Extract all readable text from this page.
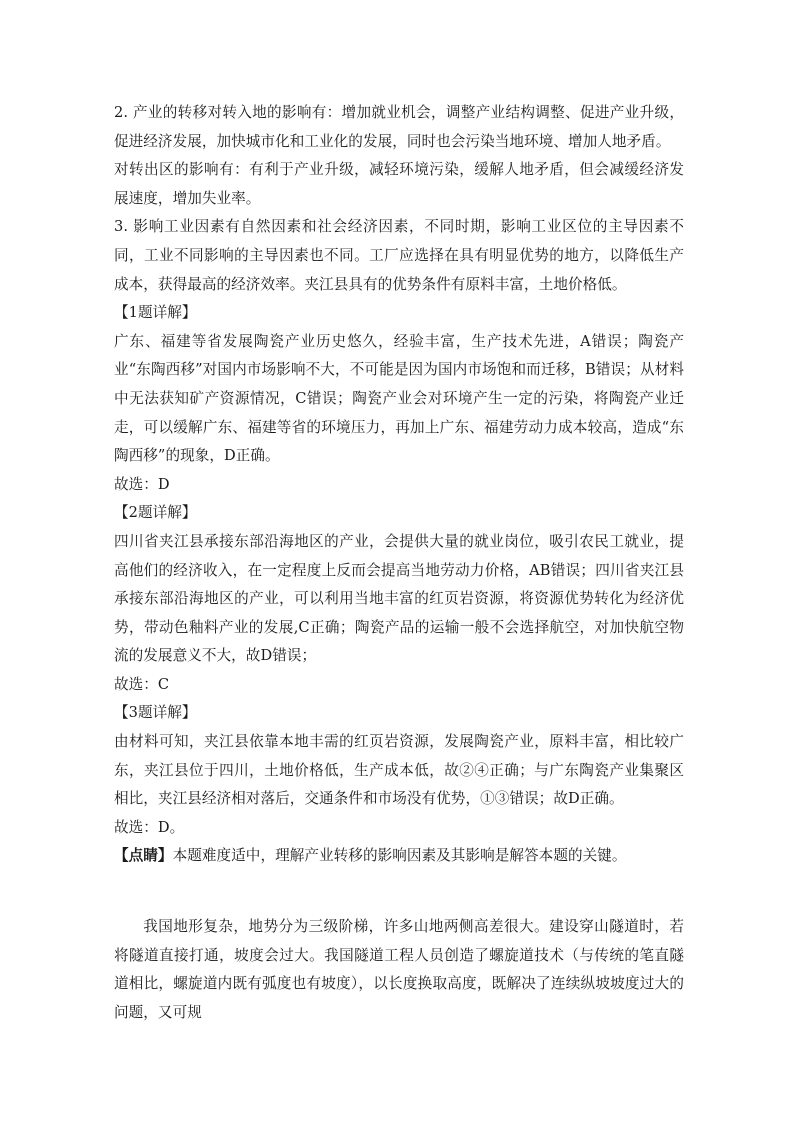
2. 产业的转移对转入地的影响有：增加就业机会，调整产业结构调整、促进产业升级，促进经济发展，加快城市化和工业化的发展，同时也会污染当地环境、增加人地矛盾。

对转出区的影响有：有利于产业升级，减轻环境污染，缓解人地矛盾，但会减缓经济发展速度，增加失业率。

3. 影响工业因素有自然因素和社会经济因素，不同时期，影响工业区位的主导因素不同，工业不同影响的主导因素也不同。工厂应选择在具有明显优势的地方，以降低生产成本，获得最高的经济效率。夹江县具有的优势条件有原料丰富，土地价格低。

【1题详解】

广东、福建等省发展陶瓷产业历史悠久，经验丰富，生产技术先进，A错误；陶瓷产业“东陶西移”对国内市场影响不大，不可能是因为国内市场饱和而迁移，B错误；从材料中无法获知矿产资源情况，C错误；陶瓷产业会对环境产生一定的污染，将陶瓷产业迁走，可以缓解广东、福建等省的环境压力，再加上广东、福建劳动力成本较高，造成“东陶西移”的现象，D正确。

故选：D

【2题详解】

四川省夹江县承接东部沿海地区的产业，会提供大量的就业岗位，吸引农民工就业，提高他们的经济收入，在一定程度上反而会提高当地劳动力价格，AB错误；四川省夹江县承接东部沿海地区的产业，可以利用当地丰富的红页岩资源，将资源优势转化为经济优势，带动色釉料产业的发展,C正确；陶瓷产品的运输一般不会选择航空，对加快航空物流的发展意义不大，故D错误；

故选：C

【3题详解】

由材料可知，夹江县依靠本地丰需的红页岩资源，发展陶瓷产业，原料丰富，相比较广东，夹江县位于四川，土地价格低，生产成本低，故②④正确；与广东陶瓷产业集聚区相比，夹江县经济相对落后，交通条件和市场没有优势，①③错误；故D正确。

故选：D。

【点睛】本题难度适中，理解产业转移的影响因素及其影响是解答本题的关键。

我国地形复杂，地势分为三级阶梯，许多山地两侧高差很大。建设穿山隧道时，若将隧道直接打通，坡度会过大。我国隧道工程人员创造了螺旋道技术（与传统的笔直隧道相比，螺旋道内既有弧度也有坡度），以长度换取高度，既解决了连续纵坡坡度过大的问题，又可规
